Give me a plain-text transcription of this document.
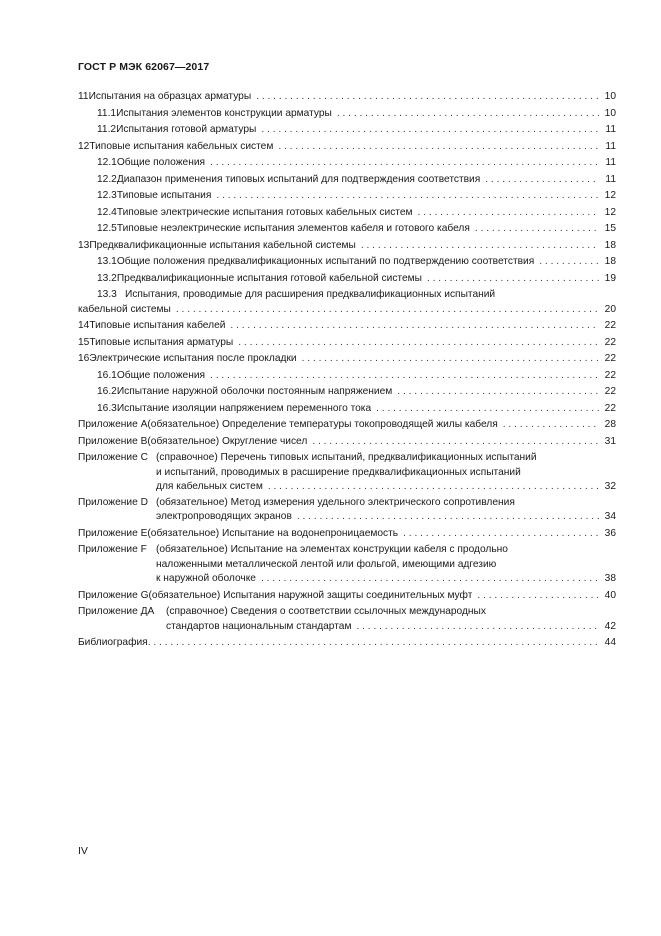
ГОСТ Р МЭК 62067—2017
11 Испытания на образцах арматуры . . .	10
11.1 Испытания элементов конструкции арматуры . . .	10
11.2 Испытания готовой арматуры . . .	11
12 Типовые испытания кабельных систем . . .	11
12.1 Общие положения . . .	11
12.2 Диапазон применения типовых испытаний для подтверждения соответствия . . .	11
12.3 Типовые испытания . . .	12
12.4 Типовые электрические испытания готовых кабельных систем . . .	12
12.5 Типовые неэлектрические испытания элементов кабеля и готового кабеля . . .	15
13 Предквалификационные испытания кабельной системы . . .	18
13.1 Общие положения предквалификационных испытаний по подтверждению соответствия . . .	18
13.2 Предквалификационные испытания готовой кабельной системы . . .	19
13.3 Испытания, проводимые для расширения предквалификационных испытаний
кабельной системы . . .	20
14 Типовые испытания кабелей . . .	22
15 Типовые испытания арматуры . . .	22
16 Электрические испытания после прокладки . . .	22
16.1 Общие положения . . .	22
16.2 Испытание наружной оболочки постоянным напряжением . . .	22
16.3 Испытание изоляции напряжением переменного тока . . .	22
Приложение А (обязательное) Определение температуры токопроводящей жилы кабеля . . .	28
Приложение В (обязательное) Округление чисел . . .	31
Приложение С (справочное) Перечень типовых испытаний, предквалификационных испытаний
и испытаний, проводимых в расширение предквалификационных испытаний
для кабельных систем . . .	32
Приложение D (обязательное) Метод измерения удельного электрического сопротивления
электропроводящих экранов . . .	34
Приложение Е (обязательное) Испытание на водонепроницаемость . . .	36
Приложение F (обязательное) Испытание на элементах конструкции кабеля с продольно
наложенными металлической лентой или фольгой, имеющими адгезию
к наружной оболочке . . .	38
Приложение G (обязательное) Испытания наружной защиты соединительных муфт . . .	40
Приложение ДА	(справочное) Сведения о соответствии ссылочных международных
стандартов национальным стандартам . . .	42
Библиография . . .	44
IV
